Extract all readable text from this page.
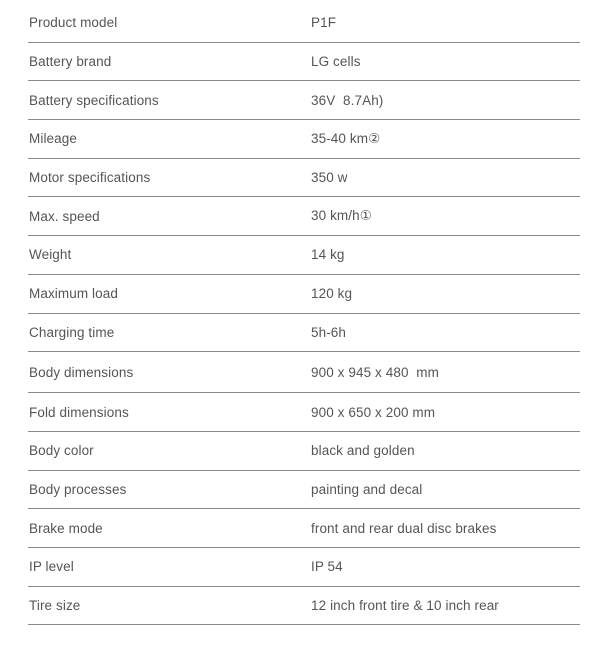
Product model	P1F
Battery brand	LG cells
Battery specifications	36V  8.7Ah)
Mileage	35-40 km②
Motor specifications	350 w
Max. speed	30 km/h①
Weight	14 kg
Maximum load	120 kg
Charging time	5h-6h
Body dimensions	900 x 945 x 480  mm
Fold dimensions	900 x 650 x 200 mm
Body color	black and golden
Body processes	painting and decal
Brake mode	front and rear dual disc brakes
IP level	IP 54
Tire size	12 inch front tire & 10 inch rear
